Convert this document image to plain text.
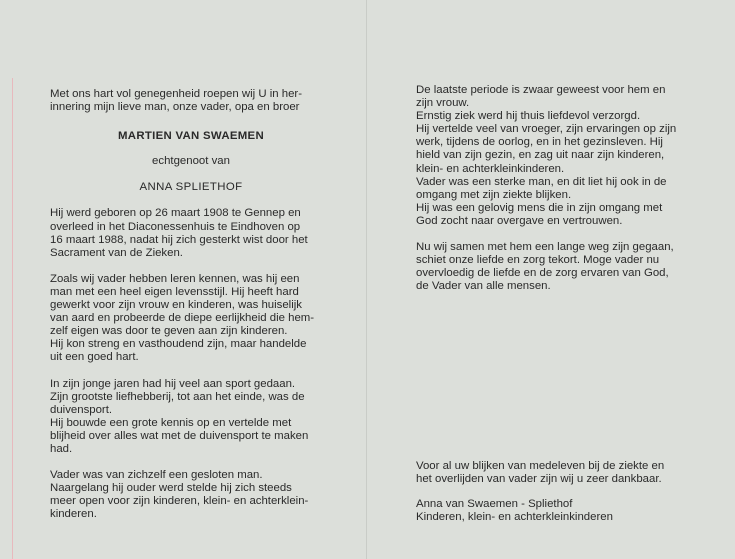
Met ons hart vol genegenheid roepen wij U in her-

innering mijn lieve man, onze vader, opa en broer

MARTIEN VAN SWAEMEN

echtgenoot van

ANNA SPLIETHOF

Hij werd geboren op 26 maart 1908 te Gennep en

overleed in het Diaconessenhuis te Eindhoven op

16 maart 1988, nadat hij zich gesterkt wist door het

Sacrament van de Zieken.

Zoals wij vader hebben leren kennen, was hij een

man met een heel eigen levensstijl. Hij heeft hard

gewerkt voor zijn vrouw en kinderen, was huiselijk

van aard en probeerde de diepe eerlijkheid die hem-

zelf eigen was door te geven aan zijn kinderen.

Hij kon streng en vasthoudend zijn, maar handelde

uit een goed hart.

In zijn jonge jaren had hij veel aan sport gedaan.

Zijn grootste liefhebberij, tot aan het einde, was de

duivensport.

Hij bouwde een grote kennis op en vertelde met

blijheid over alles wat met de duivensport te maken

had.

Vader was van zichzelf een gesloten man.

Naargelang hij ouder werd stelde hij zich steeds

meer open voor zijn kinderen, klein- en achterklein-

kinderen.

De laatste periode is zwaar geweest voor hem en

zijn vrouw.

Ernstig ziek werd hij thuis liefdevol verzorgd.

Hij vertelde veel van vroeger, zijn ervaringen op zijn

werk, tijdens de oorlog, en in het gezinsleven. Hij

hield van zijn gezin, en zag uit naar zijn kinderen,

klein- en achterkleinkinderen.

Vader was een sterke man, en dit liet hij ook in de

omgang met zijn ziekte blijken.

Hij was een gelovig mens die in zijn omgang met

God zocht naar overgave en vertrouwen.

Nu wij samen met hem een lange weg zijn gegaan,

schiet onze liefde en zorg tekort. Moge vader nu

overvloedig de liefde en de zorg ervaren van God,

de Vader van alle mensen.

Voor al uw blijken van medeleven bij de ziekte en

het overlijden van vader zijn wij u zeer dankbaar.

Anna van Swaemen - Spliethof

Kinderen, klein- en achterkleinkinderen
